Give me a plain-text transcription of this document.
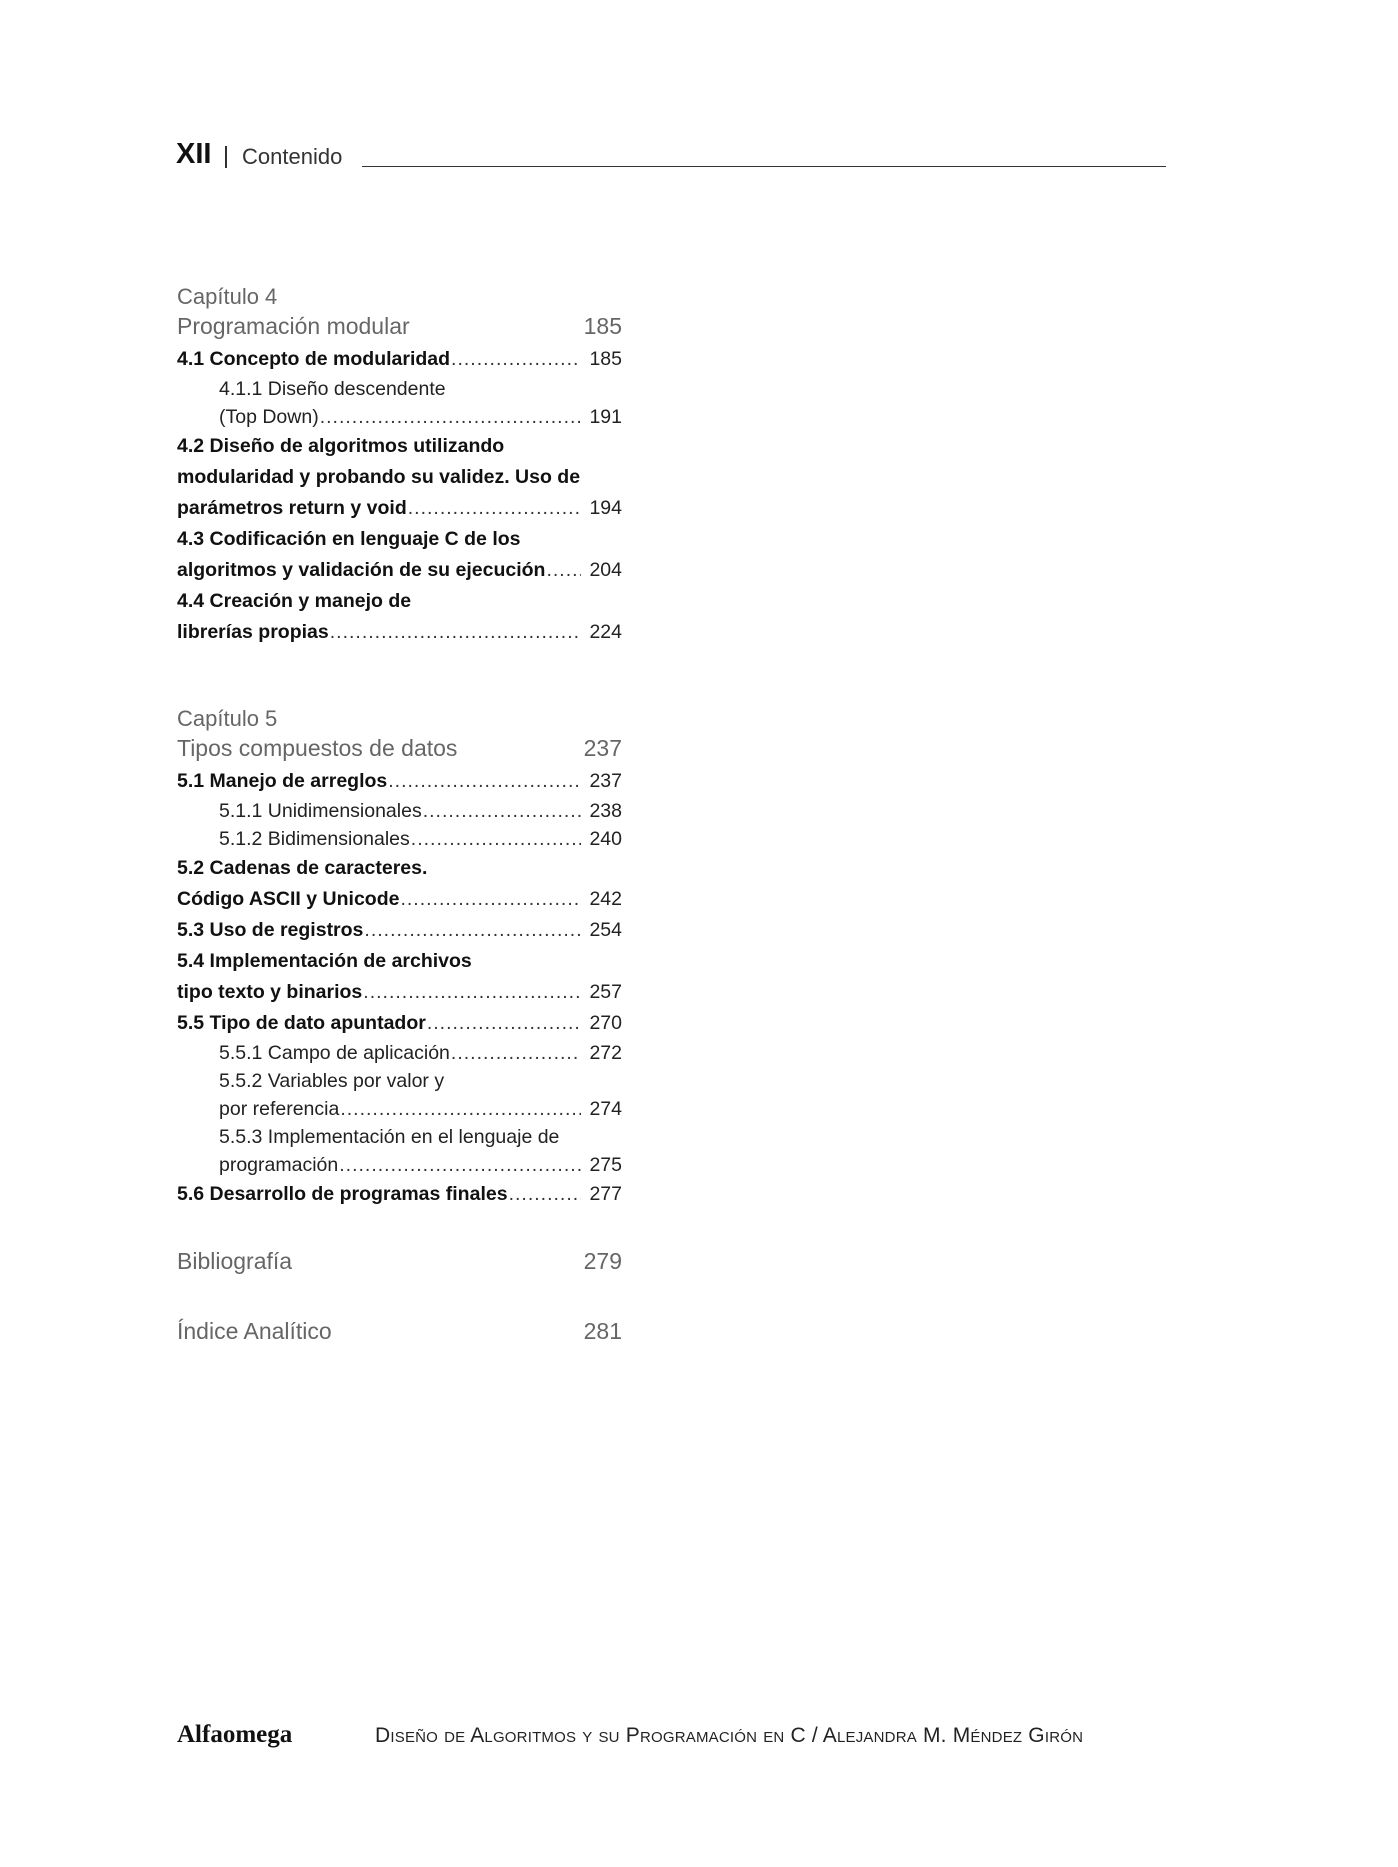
XII | Contenido
Capítulo 4
Programación modular	185
4.1 Concepto de modularidad .....	185
4.1.1 Diseño descendente
(Top Down) .....	191
4.2 Diseño de algoritmos utilizando
modularidad y probando su validez. Uso de
parámetros return y void .....	194
4.3 Codificación en lenguaje C de los
algoritmos y validación de su ejecución .....	204
4.4 Creación y manejo de
librerías propias .....	224
Capítulo 5
Tipos compuestos de datos	237
5.1 Manejo de arreglos .....	237
5.1.1 Unidimensionales .....	238
5.1.2 Bidimensionales .....	240
5.2 Cadenas de caracteres.
Código ASCII y Unicode .....	242
5.3 Uso de registros .....	254
5.4 Implementación de archivos
tipo texto y binarios .....	257
5.5 Tipo de dato apuntador .....	270
5.5.1 Campo de aplicación .....	272
5.5.2 Variables por valor y
por referencia .....	274
5.5.3 Implementación en el lenguaje de
programación .....	275
5.6 Desarrollo de programas finales .....	277
Bibliografía	279
Índice Analítico	281
Alfaomega	Diseño de Algoritmos y su Programación en C / Alejandra M. Méndez Girón
